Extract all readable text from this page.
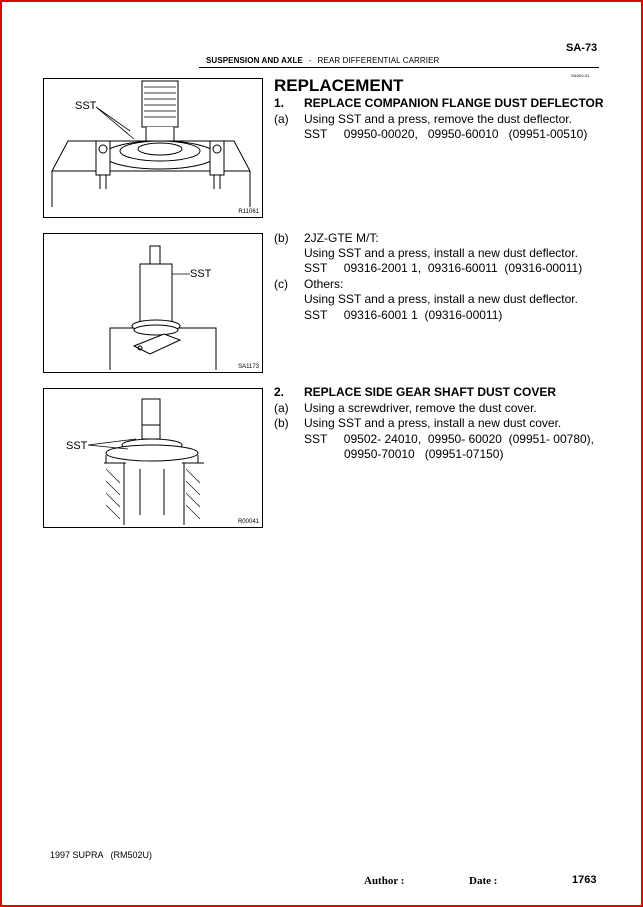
SA-73
SUSPENSION AND AXLE - REAR DIFFERENTIAL CARRIER
SA0K0-01
SST
R11061
SST
SA1173
SST
R00041
REPLACEMENT
1. REPLACE COMPANION FLANGE DUST DEFLECTOR
(a) Using SST and a press, remove the dust deflector.
SST     09950-00020,   09950-60010   (09951-00510)
(b) 2JZ-GTE M/T:
Using SST and a press, install a new dust deflector.
SST     09316-2001 1,  09316-60011  (09316-00011)
(c) Others:
Using SST and a press, install a new dust deflector.
SST     09316-6001 1  (09316-00011)
2. REPLACE SIDE GEAR SHAFT DUST COVER
(a) Using a screwdriver, remove the dust cover.
(b) Using SST and a press, install a new dust cover.
SST     09502- 24010,  09950- 60020  (09951- 00780),
09950-70010   (09951-07150)
1997 SUPRA   (RM502U)
Author :	Date :	1763
